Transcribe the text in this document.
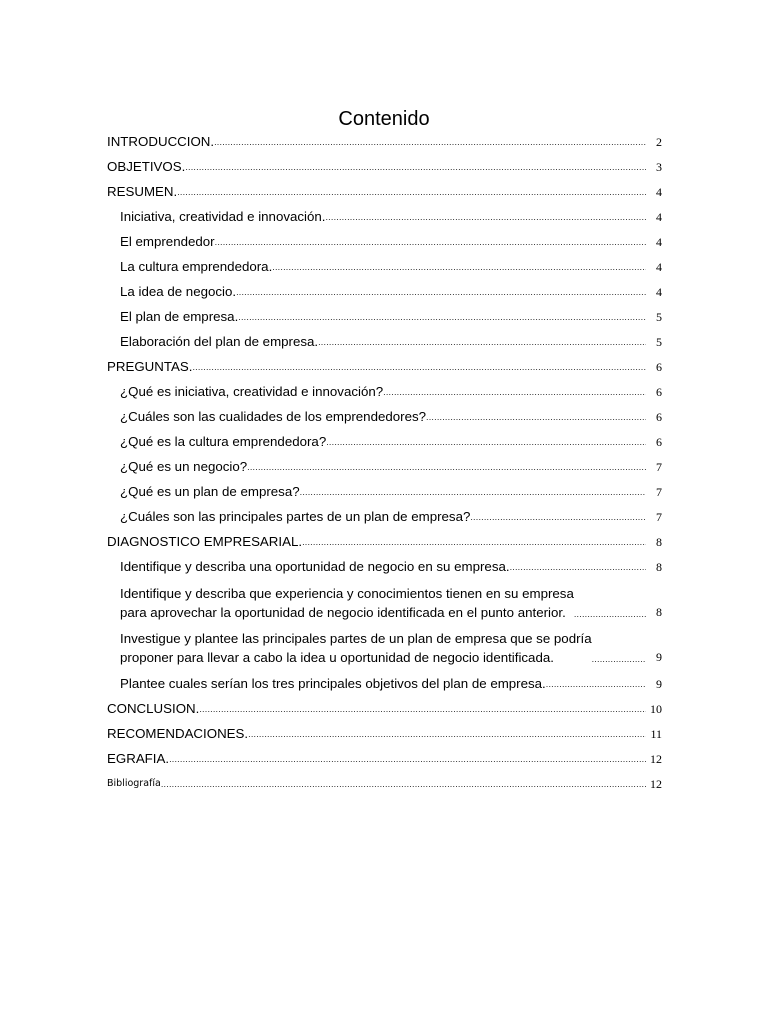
Contenido
INTRODUCCION. .....	2
OBJETIVOS. .....	3
RESUMEN. .....	4
Iniciativa, creatividad e innovación. .....	4
El emprendedor .....	4
La cultura emprendedora. .....	4
La idea de negocio. .....	4
El plan de empresa. .....	5
Elaboración del plan de empresa. .....	5
PREGUNTAS. .....	6
¿Qué es iniciativa, creatividad e innovación? .....	6
¿Cuáles son las cualidades de los emprendedores? .....	6
¿Qué es la cultura emprendedora? .....	6
¿Qué es un negocio? .....	7
¿Qué es un plan de empresa? .....	7
¿Cuáles son las principales partes de un plan de empresa? .....	7
DIAGNOSTICO EMPRESARIAL. .....	8
Identifique y describa una oportunidad de negocio en su empresa. .....	8
Identifique y describa que experiencia y conocimientos tienen en su empresa
para aprovechar la oportunidad de negocio identificada en el punto anterior. .....	8
Investigue y plantee las principales partes de un plan de empresa que se podría
proponer para llevar a cabo la idea u oportunidad de negocio identificada. .....	9
Plantee cuales serían los tres principales objetivos del plan de empresa. .....	9
CONCLUSION. .....	10
RECOMENDACIONES. .....	11
EGRAFIA. .....	12
Bibliografía .....	12
